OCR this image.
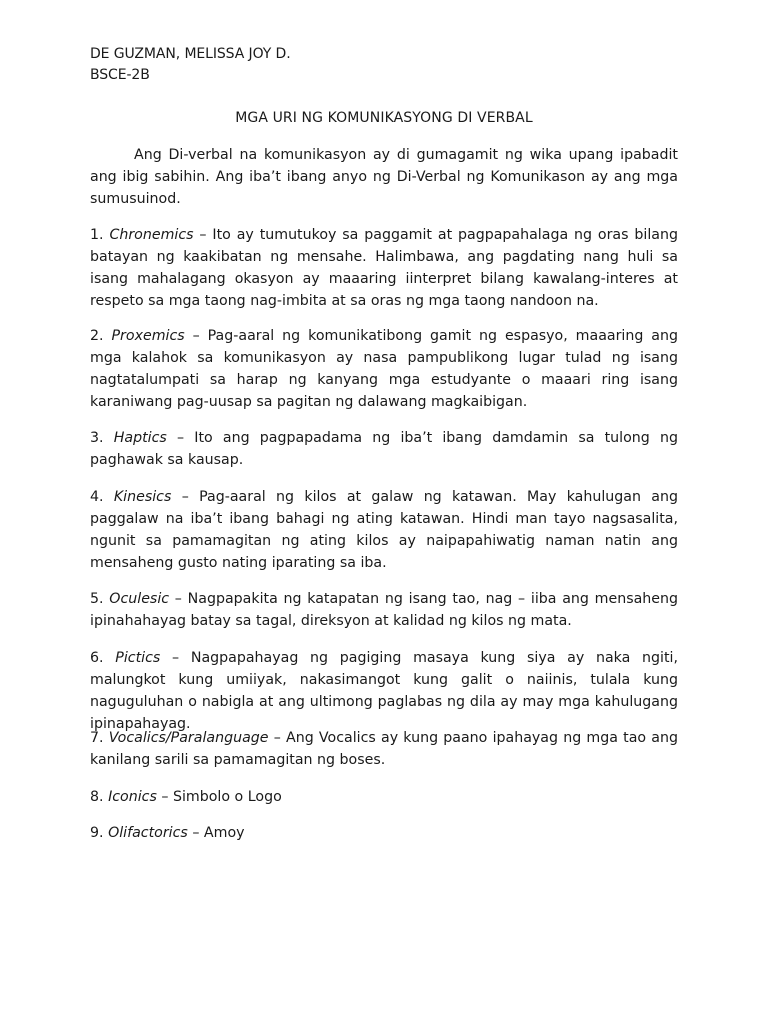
DE GUZMAN, MELISSA JOY D.
BSCE-2B
MGA URI NG KOMUNIKASYONG DI VERBAL

Ang Di-verbal na komunikasyon ay di gumagamit ng wika upang ipabadit ang ibig sabihin. Ang iba’t ibang anyo ng Di-Verbal ng Komunikason ay ang mga sumusuinod.

1. Chronemics – Ito ay tumutukoy sa paggamit at pagpapahalaga ng oras bilang batayan ng kaakibatan ng mensahe. Halimbawa, ang pagdating nang huli sa isang mahalagang okasyon ay maaaring iinterpret bilang kawalang-interes at respeto sa mga taong nag-imbita at sa oras ng mga taong nandoon na.

2. Proxemics – Pag-aaral ng komunikatibong gamit ng espasyo, maaaring ang mga kalahok sa komunikasyon ay nasa pampublikong lugar tulad ng isang nagtatalumpati sa harap ng kanyang mga estudyante o maaari ring isang karaniwang pag-uusap sa pagitan ng dalawang magkaibigan.

3. Haptics – Ito ang pagpapadama ng iba’t ibang damdamin sa tulong ng paghawak sa kausap.

4. Kinesics – Pag-aaral ng kilos at galaw ng katawan. May kahulugan ang paggalaw na iba’t ibang bahagi ng ating katawan. Hindi man tayo nagsasalita, ngunit sa pamamagitan ng ating kilos ay naipapahiwatig naman natin ang mensaheng gusto nating iparating sa iba.

5. Oculesic – Nagpapakita ng katapatan ng isang tao, nag – iiba ang mensaheng ipinahahayag batay sa tagal, direksyon at kalidad ng kilos ng mata.

6. Pictics – Nagpapahayag ng pagiging masaya kung siya ay naka ngiti, malungkot kung umiiyak, nakasimangot kung galit o naiinis, tulala kung naguguluhan o nabigla at ang ultimong paglabas ng dila ay may mga kahulugang ipinapahayag.

7. Vocalics/Paralanguage – Ang Vocalics ay kung paano ipahayag ng mga tao ang kanilang sarili sa pamamagitan ng boses.

8. Iconics – Simbolo o Logo

9. Olifactorics – Amoy
